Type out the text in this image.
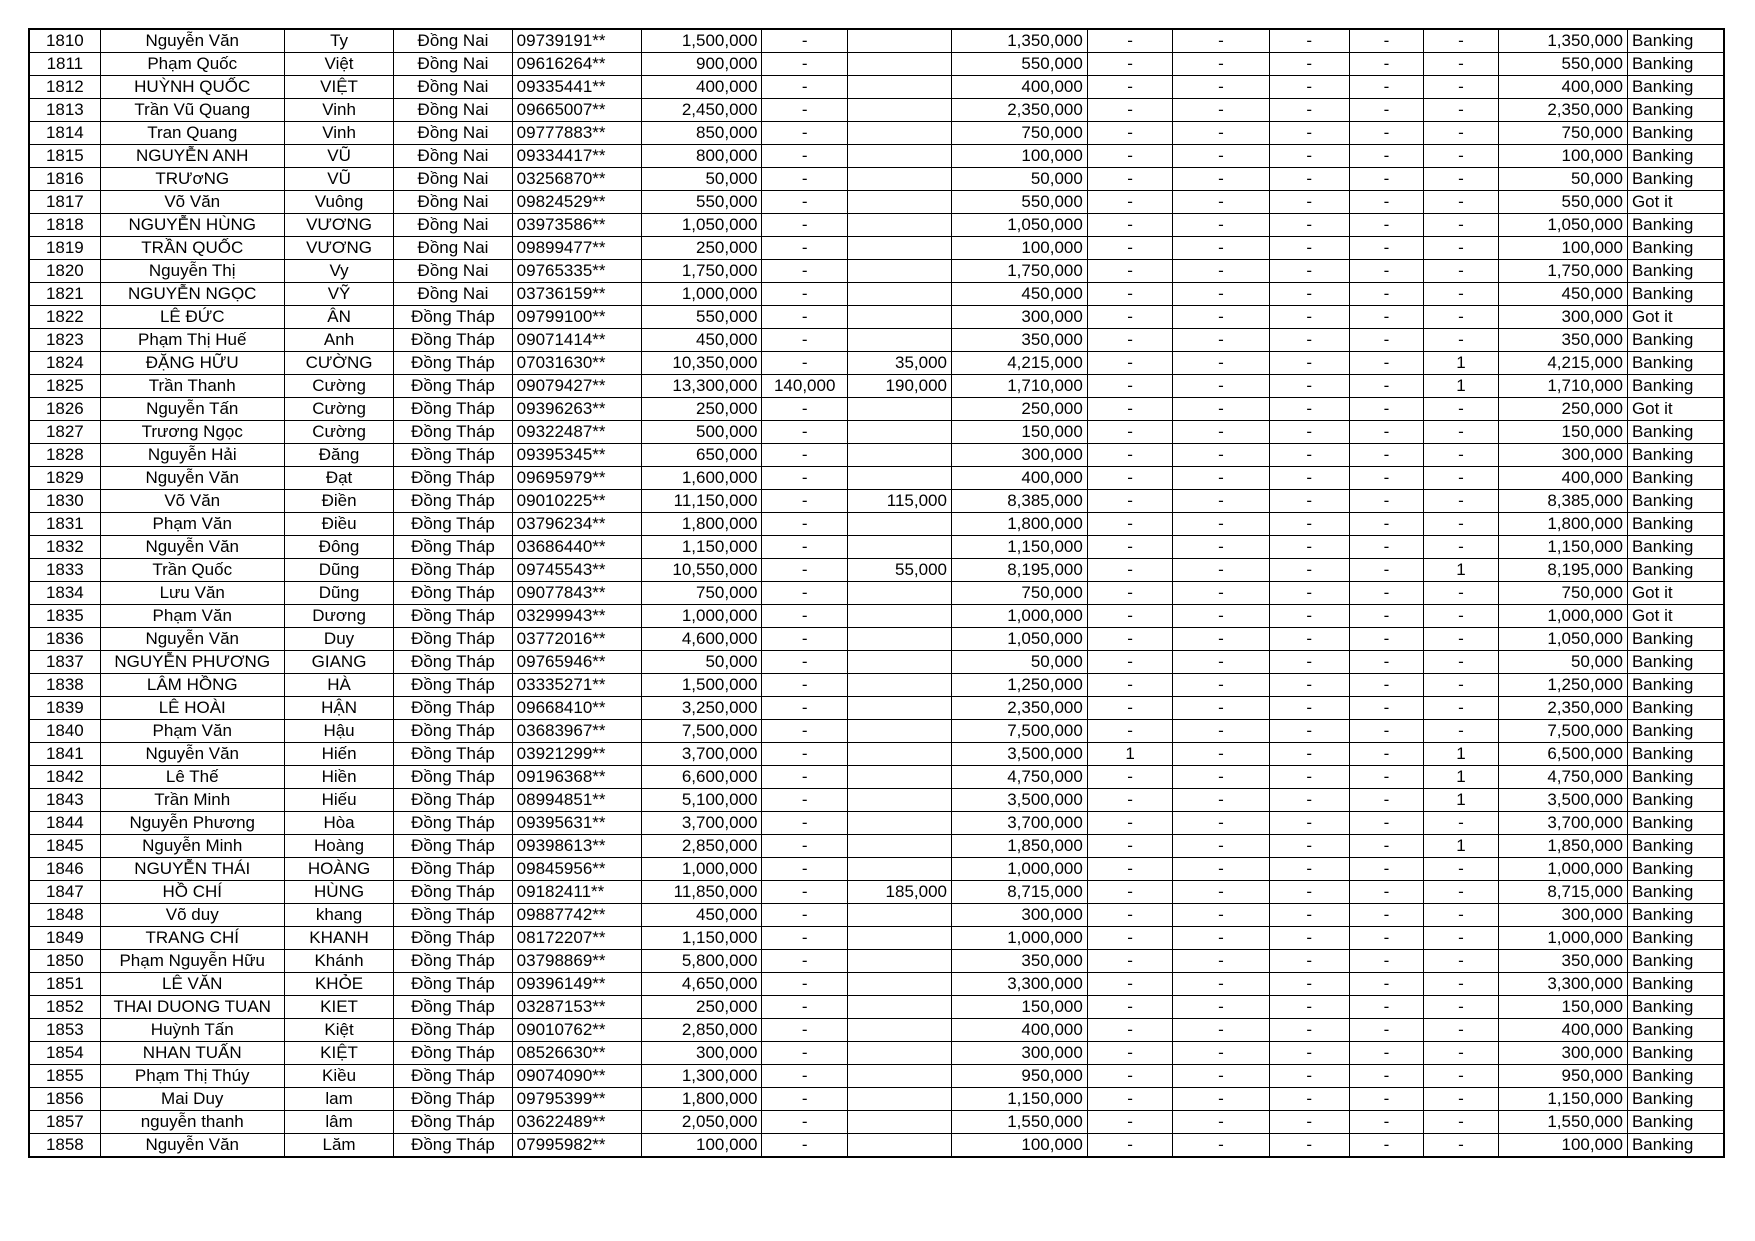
1810	Nguyễn Văn	Ty	Đồng Nai	09739191**	1,500,000	-		1,350,000	-	-	-	-	-	1,350,000	Banking
1811	Phạm Quốc	Việt	Đồng Nai	09616264**	900,000	-		550,000	-	-	-	-	-	550,000	Banking
1812	HUỲNH QUỐC	VIỆT	Đồng Nai	09335441**	400,000	-		400,000	-	-	-	-	-	400,000	Banking
1813	Trần Vũ Quang	Vinh	Đồng Nai	09665007**	2,450,000	-		2,350,000	-	-	-	-	-	2,350,000	Banking
1814	Tran Quang	Vinh	Đồng Nai	09777883**	850,000	-		750,000	-	-	-	-	-	750,000	Banking
1815	NGUYỄN ANH	VŨ	Đồng Nai	09334417**	800,000	-		100,000	-	-	-	-	-	100,000	Banking
1816	TRƯơNG	VŨ	Đồng Nai	03256870**	50,000	-		50,000	-	-	-	-	-	50,000	Banking
1817	Võ Văn	Vuông	Đồng Nai	09824529**	550,000	-		550,000	-	-	-	-	-	550,000	Got it
1818	NGUYỄN HÙNG	VƯƠNG	Đồng Nai	03973586**	1,050,000	-		1,050,000	-	-	-	-	-	1,050,000	Banking
1819	TRẦN QUỐC	VƯƠNG	Đồng Nai	09899477**	250,000	-		100,000	-	-	-	-	-	100,000	Banking
1820	Nguyễn Thị	Vy	Đồng Nai	09765335**	1,750,000	-		1,750,000	-	-	-	-	-	1,750,000	Banking
1821	NGUYỄN NGỌC	VỸ	Đồng Nai	03736159**	1,000,000	-		450,000	-	-	-	-	-	450,000	Banking
1822	LÊ ĐỨC	ÂN	Đồng Tháp	09799100**	550,000	-		300,000	-	-	-	-	-	300,000	Got it
1823	Phạm Thị Huế	Anh	Đồng Tháp	09071414**	450,000	-		350,000	-	-	-	-	-	350,000	Banking
1824	ĐẶNG HỮU	CƯỜNG	Đồng Tháp	07031630**	10,350,000	-	35,000	4,215,000	-	-	-	-	1	4,215,000	Banking
1825	Trần Thanh	Cường	Đồng Tháp	09079427**	13,300,000	140,000	190,000	1,710,000	-	-	-	-	1	1,710,000	Banking
1826	Nguyễn Tấn	Cường	Đồng Tháp	09396263**	250,000	-		250,000	-	-	-	-	-	250,000	Got it
1827	Trương Ngọc	Cường	Đồng Tháp	09322487**	500,000	-		150,000	-	-	-	-	-	150,000	Banking
1828	Nguyễn Hải	Đăng	Đồng Tháp	09395345**	650,000	-		300,000	-	-	-	-	-	300,000	Banking
1829	Nguyễn Văn	Đạt	Đồng Tháp	09695979**	1,600,000	-		400,000	-	-	-	-	-	400,000	Banking
1830	Võ Văn	Điền	Đồng Tháp	09010225**	11,150,000	-	115,000	8,385,000	-	-	-	-	-	8,385,000	Banking
1831	Phạm Văn	Điều	Đồng Tháp	03796234**	1,800,000	-		1,800,000	-	-	-	-	-	1,800,000	Banking
1832	Nguyễn Văn	Đông	Đồng Tháp	03686440**	1,150,000	-		1,150,000	-	-	-	-	-	1,150,000	Banking
1833	Trần Quốc	Dũng	Đồng Tháp	09745543**	10,550,000	-	55,000	8,195,000	-	-	-	-	1	8,195,000	Banking
1834	Lưu Văn	Dũng	Đồng Tháp	09077843**	750,000	-		750,000	-	-	-	-	-	750,000	Got it
1835	Phạm Văn	Dương	Đồng Tháp	03299943**	1,000,000	-		1,000,000	-	-	-	-	-	1,000,000	Got it
1836	Nguyễn Văn	Duy	Đồng Tháp	03772016**	4,600,000	-		1,050,000	-	-	-	-	-	1,050,000	Banking
1837	NGUYỄN PHƯƠNG	GIANG	Đồng Tháp	09765946**	50,000	-		50,000	-	-	-	-	-	50,000	Banking
1838	LÂM HỒNG	HÀ	Đồng Tháp	03335271**	1,500,000	-		1,250,000	-	-	-	-	-	1,250,000	Banking
1839	LÊ HOÀI	HẬN	Đồng Tháp	09668410**	3,250,000	-		2,350,000	-	-	-	-	-	2,350,000	Banking
1840	Phạm Văn	Hậu	Đồng Tháp	03683967**	7,500,000	-		7,500,000	-	-	-	-	-	7,500,000	Banking
1841	Nguyễn Văn	Hiến	Đồng Tháp	03921299**	3,700,000	-		3,500,000	1	-	-	-	1	6,500,000	Banking
1842	Lê Thế	Hiền	Đồng Tháp	09196368**	6,600,000	-		4,750,000	-	-	-	-	1	4,750,000	Banking
1843	Trần Minh	Hiếu	Đồng Tháp	08994851**	5,100,000	-		3,500,000	-	-	-	-	1	3,500,000	Banking
1844	Nguyễn Phương	Hòa	Đồng Tháp	09395631**	3,700,000	-		3,700,000	-	-	-	-	-	3,700,000	Banking
1845	Nguyễn Minh	Hoàng	Đồng Tháp	09398613**	2,850,000	-		1,850,000	-	-	-	-	1	1,850,000	Banking
1846	NGUYỄN THÁI	HOÀNG	Đồng Tháp	09845956**	1,000,000	-		1,000,000	-	-	-	-	-	1,000,000	Banking
1847	HỒ CHÍ	HÙNG	Đồng Tháp	09182411**	11,850,000	-	185,000	8,715,000	-	-	-	-	-	8,715,000	Banking
1848	Võ duy	khang	Đồng Tháp	09887742**	450,000	-		300,000	-	-	-	-	-	300,000	Banking
1849	TRANG CHÍ	KHANH	Đồng Tháp	08172207**	1,150,000	-		1,000,000	-	-	-	-	-	1,000,000	Banking
1850	Phạm Nguyễn Hữu	Khánh	Đồng Tháp	03798869**	5,800,000	-		350,000	-	-	-	-	-	350,000	Banking
1851	LÊ VĂN	KHỎE	Đồng Tháp	09396149**	4,650,000	-		3,300,000	-	-	-	-	-	3,300,000	Banking
1852	THAI DUONG TUAN	KIET	Đồng Tháp	03287153**	250,000	-		150,000	-	-	-	-	-	150,000	Banking
1853	Huỳnh Tấn	Kiệt	Đồng Tháp	09010762**	2,850,000	-		400,000	-	-	-	-	-	400,000	Banking
1854	NHAN TUẤN	KIỆT	Đồng Tháp	08526630**	300,000	-		300,000	-	-	-	-	-	300,000	Banking
1855	Phạm Thị Thúy	Kiều	Đồng Tháp	09074090**	1,300,000	-		950,000	-	-	-	-	-	950,000	Banking
1856	Mai Duy	lam	Đồng Tháp	09795399**	1,800,000	-		1,150,000	-	-	-	-	-	1,150,000	Banking
1857	nguyễn thanh	lâm	Đồng Tháp	03622489**	2,050,000	-		1,550,000	-	-	-	-	-	1,550,000	Banking
1858	Nguyễn Văn	Lăm	Đồng Tháp	07995982**	100,000	-		100,000	-	-	-	-	-	100,000	Banking
